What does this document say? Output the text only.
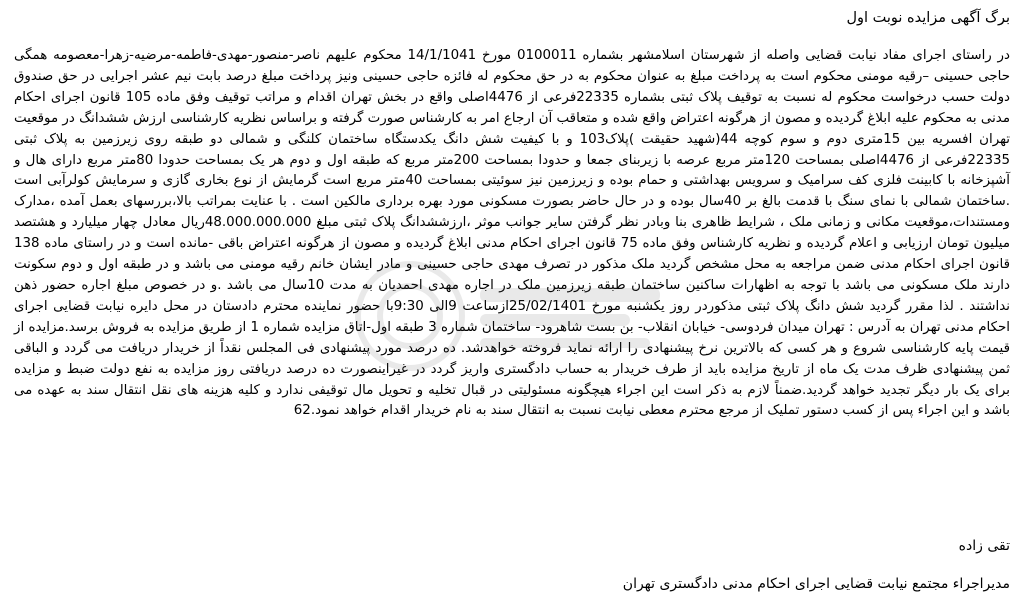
برگ آگهی مزایده نوبت اول

در راستای اجرای مفاد نیابت قضایی واصله از شهرستان اسلامشهر بشماره 0100011 مورخ 14/1/1041 محکوم علیهم ناصر-منصور-مهدی-فاطمه-مرضیه-زهرا-معصومه همگی حاجی حسینی –رقیه مومنی محکوم است به پرداخت مبلغ به عنوان محکوم به در حق محکوم له فائزه حاجی حسینی ونیز پرداخت مبلغ درصد بابت نیم عشر اجرایی در حق صندوق دولت حسب درخواست محکوم له نسبت به توقیف پلاک ثبتی بشماره 22335فرعی از 4476اصلی واقع در بخش تهران اقدام و مراتب توقیف وفق ماده 105 قانون اجرای احکام مدنی به محکوم علیه ابلاغ گردیده و مصون از هرگونه اعتراض واقع شده و متعاقب آن ارجاع امر به کارشناس صورت گرفته و براساس نظریه کارشناسی ارزش ششدانگ در موقعیت تهران افسریه بین 15متری دوم و سوم کوچه 44(شهید حقیقت )پلاک103 و با کیفیت شش دانگ یکدستگاه ساختمان کلنگی و شمالی دو طبقه روی زیرزمین به پلاک ثبتی 22335فرعی از 4476اصلی بمساحت 120متر مربع عرصه با زیربنای جمعا و حدودا بمساحت 200متر مربع که طبقه اول و دوم هر یک بمساحت حدودا 80متر مربع دارای هال و آشپزخانه با کابینت فلزی کف سرامیک و سرویس بهداشتی و حمام بوده و زیرزمین نیز سوئیتی بمساحت 40متر مربع است گرمایش از نوع بخاری گازی و سرمایش کولرآبی است .ساختمان شمالی با نمای سنگ با قدمت بالغ بر 40سال بوده و در حال حاضر بصورت مسکونی مورد بهره برداری مالکین است . با عنایت بمراتب بالا،بررسهای بعمل آمده ،مدارک ومستندات،موقعیت مکانی و زمانی ملک ، شرایط ظاهری بنا وبادر نظر گرفتن سایر جوانب موثر ،ارزششدانگ پلاک ثبتی مبلغ 48.000.000.000ریال معادل چهار میلیارد و هشتصد میلیون تومان ارزیابی و اعلام گردیده و نظریه کارشناس وفق ماده 75 قانون اجرای احکام مدنی ابلاغ گردیده و مصون از هرگونه اعتراض باقی -مانده است و در راستای ماده 138 قانون اجرای احکام مدنی ضمن مراجعه به محل مشخص گردید ملک مذکور در تصرف مهدی حاجی حسینی و مادر ایشان خانم رقیه مومنی می باشد و در طبقه اول و دوم سکونت دارند ملک مسکونی می باشد با توجه به اظهارات ساکنین ساختمان طبقه زیرزمین ملک در اجاره مهدی احمدیان به مدت 10سال می باشد .و در خصوص مبلغ اجاره حضور ذهن نداشتند . لذا مقرر گردید شش دانگ پلاک ثبتی مذکوردر روز یکشنبه مورخ 25/02/1401ازساعت 9الی 9:30با حضور نماینده محترم دادستان در محل دایره نیابت قضایی اجرای احکام مدنی تهران به آدرس : تهران میدان فردوسی- خیابان انقلاب- بن بست شاهرود- ساختمان شماره 3 طبقه اول-اتاق مزایده شماره 1 از طریق مزایده به فروش برسد.مزایده از قیمت پایه کارشناسی شروع و هر کسی که بالاترین نرخ پیشنهادی را ارائه نماید فروخته خواهدشد. ده درصد مورد پیشنهادی فی المجلس نقداً از خریدار دریافت می گردد و الباقی ثمن پیشنهادی ظرف مدت یک ماه از تاریخ مزایده باید از طرف خریدار به حساب دادگستری واریز گردد در غیراینصورت ده درصد دریافتی روز مزایده به نفع دولت ضبط و مزایده برای یک بار دیگر تجدید خواهد گردید.ضمناً لازم به ذکر است این اجراء هیچگونه مسئولیتی در قبال تخلیه و تحویل مال توقیفی ندارد و کلیه هزینه های نقل انتقال سند به عهده می باشد و این اجراء پس از کسب دستور تملیک از مرجع محترم معطی نیابت نسبت به انتقال سند به نام خریدار اقدام خواهد نمود.62

تقی زاده

مدیراجراء مجتمع نیابت قضایی اجرای احکام مدنی دادگستری تهران
